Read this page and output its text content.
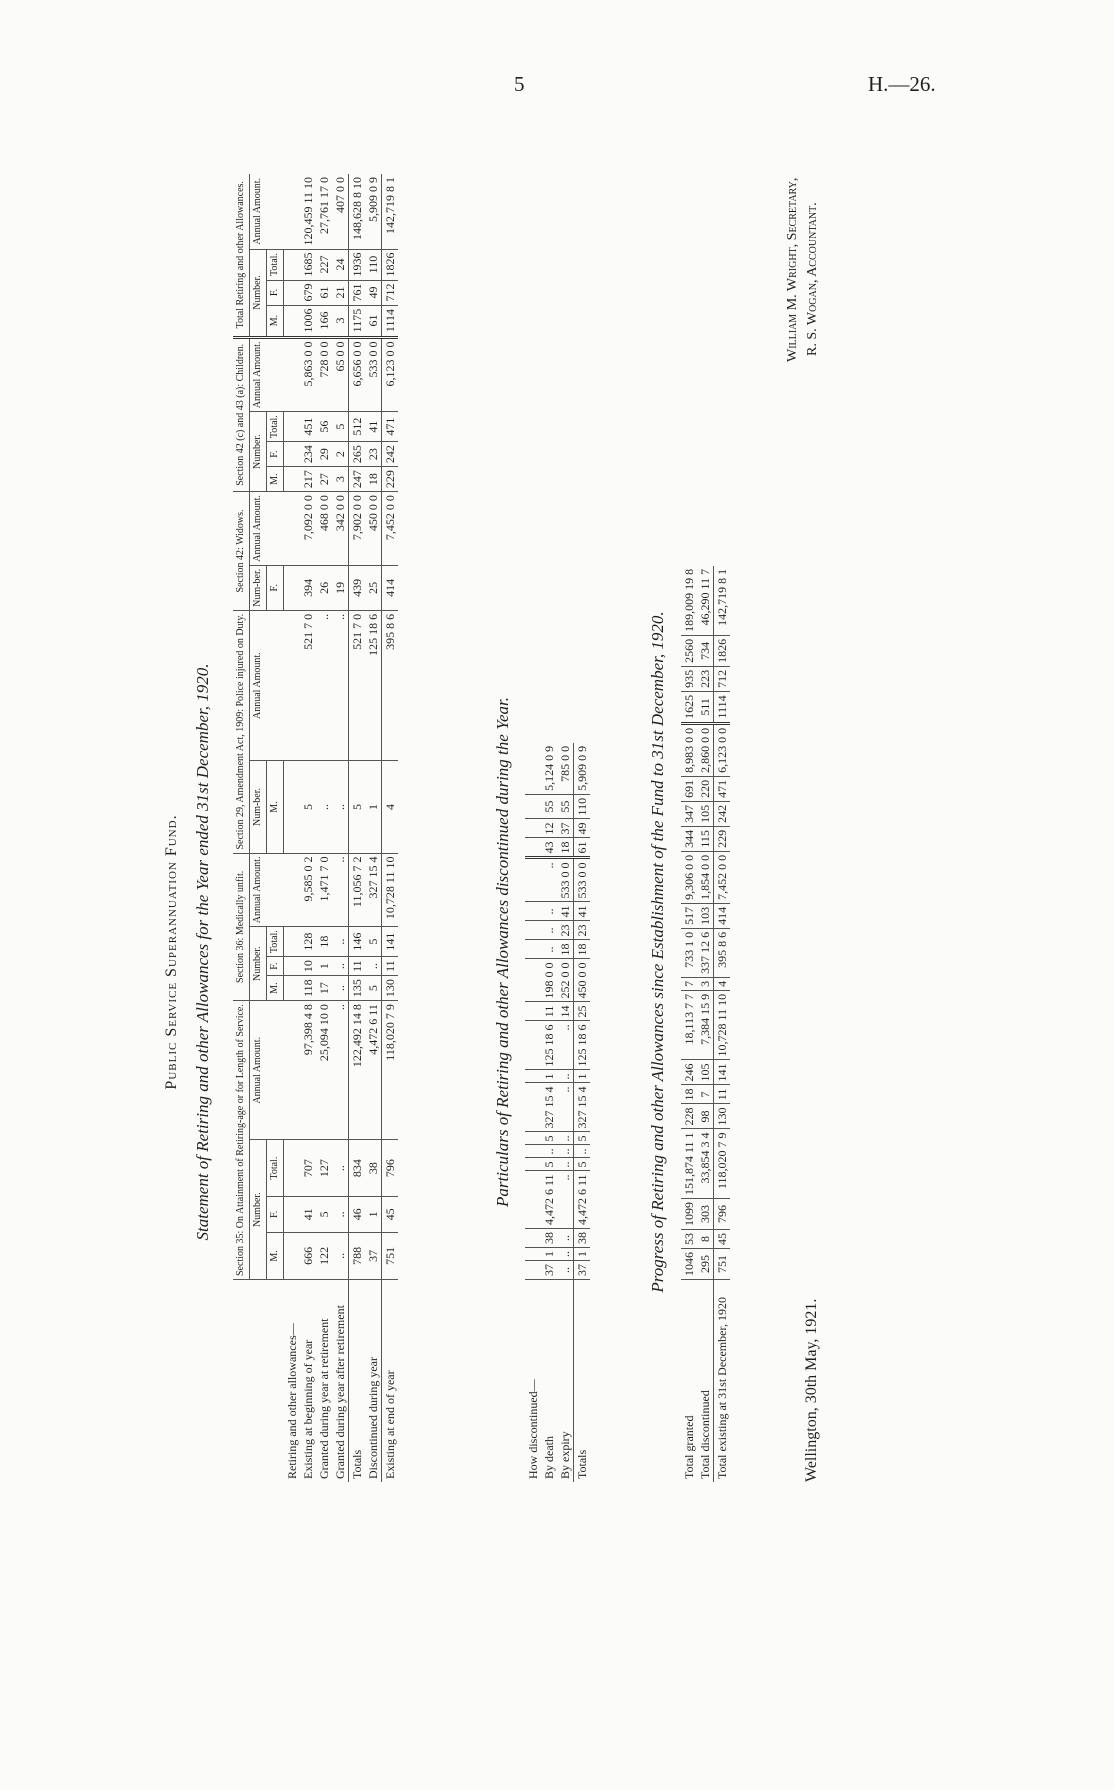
5	H.—26.
Public Service Superannuation Fund. Statement of Retiring and other Allowances for the Year ended 31st December, 1920.
	Section 35: On Attainment of Retiring-age or for Length of Service.				Section 36: Medically unfit.				Section 29, Amendment Act, 1909: Police injured on Duty.		Section 42: Widows.		Section 42 (c) and 43 (a): Children.				Total Retiring and other Allowances.			
	Number.			Annual Amount.	Number.			Annual Amount.	Num-ber.	Annual Amount.	Num-ber.	Annual Amount.	Number.			Annual Amount.	Number.			Annual Amount.
	M.	F.	Total.		M.	F.	Total.		M.		F.		M.	F.	Total.		M.	F.	Total.	
Retiring and other allowances—																				
Existing at beginning of year	666	41	707	97,398 4 8	118	10	128	9,585 0 2	5	521 7 0	394	7,092 0 0	217	234	451	5,863 0 0	1006	679	1685	120,459 11 10
Granted during year at retirement	122	5	127	25,094 10 0	17	1	18	1,471 7 0	..	..	26	468 0 0	27	29	56	728 0 0	166	61	227	27,761 17 0
Granted during year after retirement	..	..	..	..	..	..	..	..	..	..	19	342 0 0	3	2	5	65 0 0	3	21	24	407 0 0
Totals	788	46	834	122,492 14 8	135	11	146	11,056 7 2	5	521 7 0	439	7,902 0 0	247	265	512	6,656 0 0	1175	761	1936	148,628 8 10
Discontinued during year	37	1	38	4,472 6 11	5	..	5	327 15 4	1	125 18 6	25	450 0 0	18	23	41	533 0 0	61	49	110	5,909 0 9
Existing at end of year	751	45	796	118,020 7 9	130	11	141	10,728 11 10	4	395 8 6	414	7,452 0 0	229	242	471	6,123 0 0	1114	712	1826	142,719 8 1
Particulars of Retiring and other Allowances discontinued during the Year.
How discontinued—																				
By death	37	1	38	4,472 6 11	5	..	5	327 15 4	1	125 18 6	11	198 0 0	..	..	..	..	43	12	55	5,124 0 9
By expiry	..	..	..	..	..	..	..	..	..	..	14	252 0 0	18	23	41	533 0 0	18	37	55	785 0 0
Totals	37	1	38	4,472 6 11	5	..	5	327 15 4	1	125 18 6	25	450 0 0	18	23	41	533 0 0	61	49	110	5,909 0 9	Progress of Retiring and other Allowances since Establishment of the Fund to 31st December, 1920.
Total granted	1046	53	1099	151,874 11 1	228	18	246	18,113 7 7	7	733 1 0	517	9,306 0 0	344	347	691	8,983 0 0	1625	935	2560	189,009 19 8
Total discontinued	295	8	303	33,854 3 4	98	7	105	7,384 15 9	3	337 12 6	103	1,854 0 0	115	105	220	2,860 0 0	511	223	734	46,290 11 7
Total existing at 31st December, 1920	751	45	796	118,020 7 9	130	11	141	10,728 11 10	4	395 8 6	414	7,452 0 0	229	242	471	6,123 0 0	1114	712	1826	142,719 8 1
Wellington, 30th May, 1921.
William M. Wright, Secretary, R. S. Wogan, Accountant.
